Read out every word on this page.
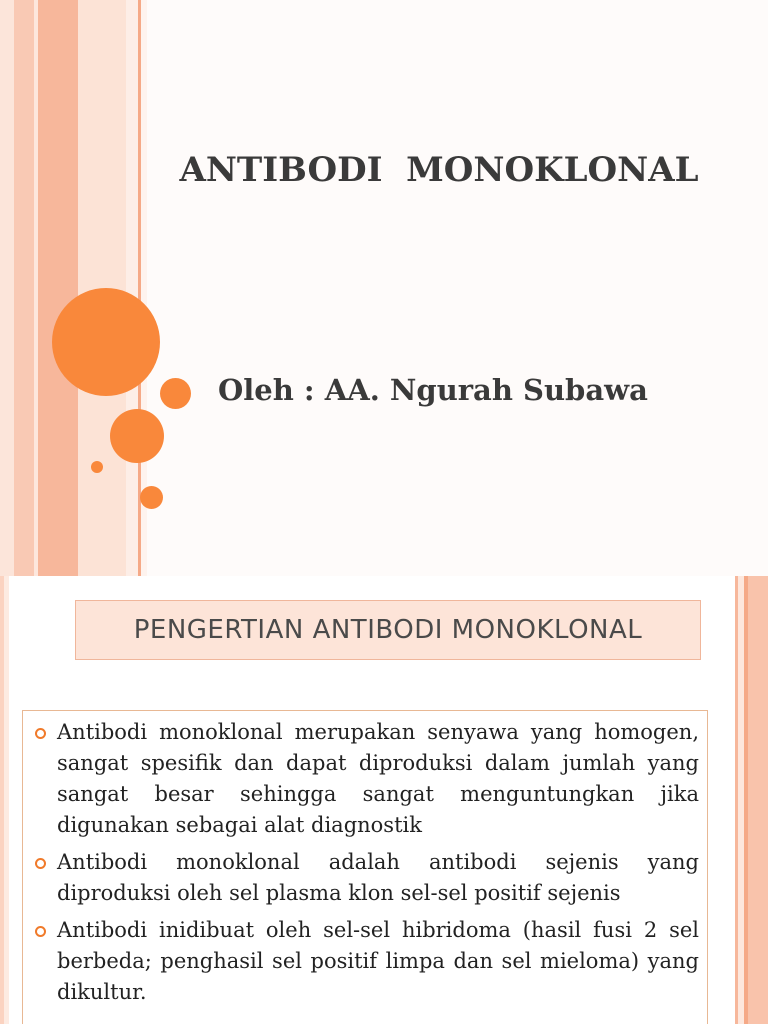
ANTIBODI  MONOKLONAL
Oleh : AA. Ngurah Subawa
PENGERTIAN ANTIBODI MONOKLONAL
Antibodi monoklonal merupakan senyawa yang homogen, sangat spesifik dan dapat diproduksi dalam jumlah yang sangat besar sehingga sangat menguntungkan jika digunakan sebagai alat diagnostik
Antibodi monoklonal adalah antibodi sejenis yang diproduksi oleh sel plasma klon sel-sel positif sejenis
Antibodi inidibuat oleh sel-sel hibridoma (hasil fusi 2 sel berbeda; penghasil sel positif limpa dan sel mieloma) yang dikultur.
